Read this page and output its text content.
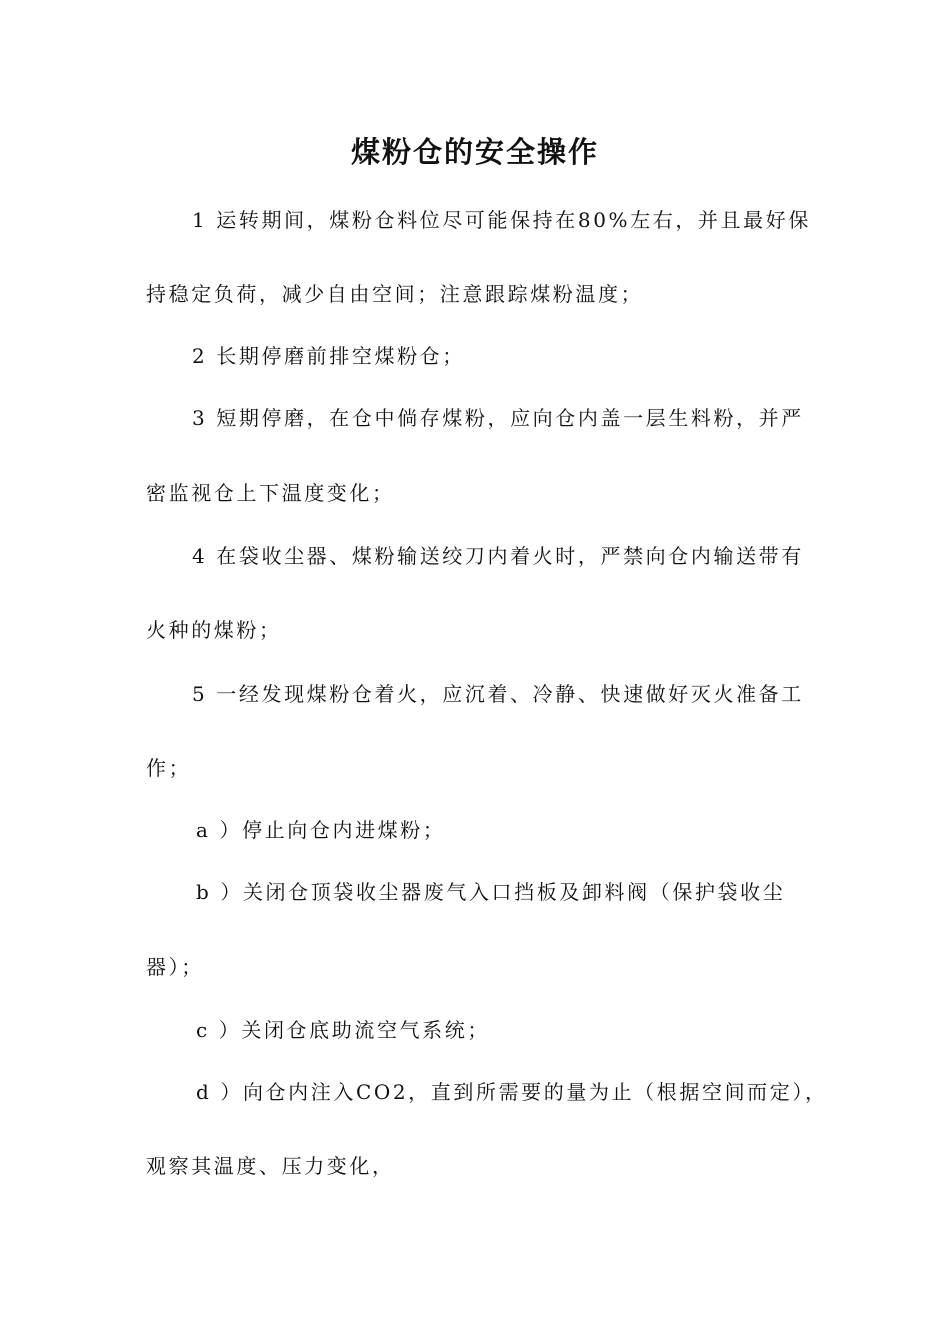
煤粉仓的安全操作
1 运转期间，煤粉仓料位尽可能保持在80%左右，并且最好保
持稳定负荷，减少自由空间；注意跟踪煤粉温度；
2 长期停磨前排空煤粉仓；
3 短期停磨，在仓中倘存煤粉，应向仓内盖一层生料粉，并严
密监视仓上下温度变化；
4 在袋收尘器、煤粉输送绞刀内着火时，严禁向仓内输送带有
火种的煤粉；
5 一经发现煤粉仓着火，应沉着、冷静、快速做好灭火准备工
作；
a ）停止向仓内进煤粉；
b ）关闭仓顶袋收尘器废气入口挡板及卸料阀（保护袋收尘
器）；
c ）关闭仓底助流空气系统；
d ）向仓内注入CO2，直到所需要的量为止（根据空间而定），
观察其温度、压力变化，
